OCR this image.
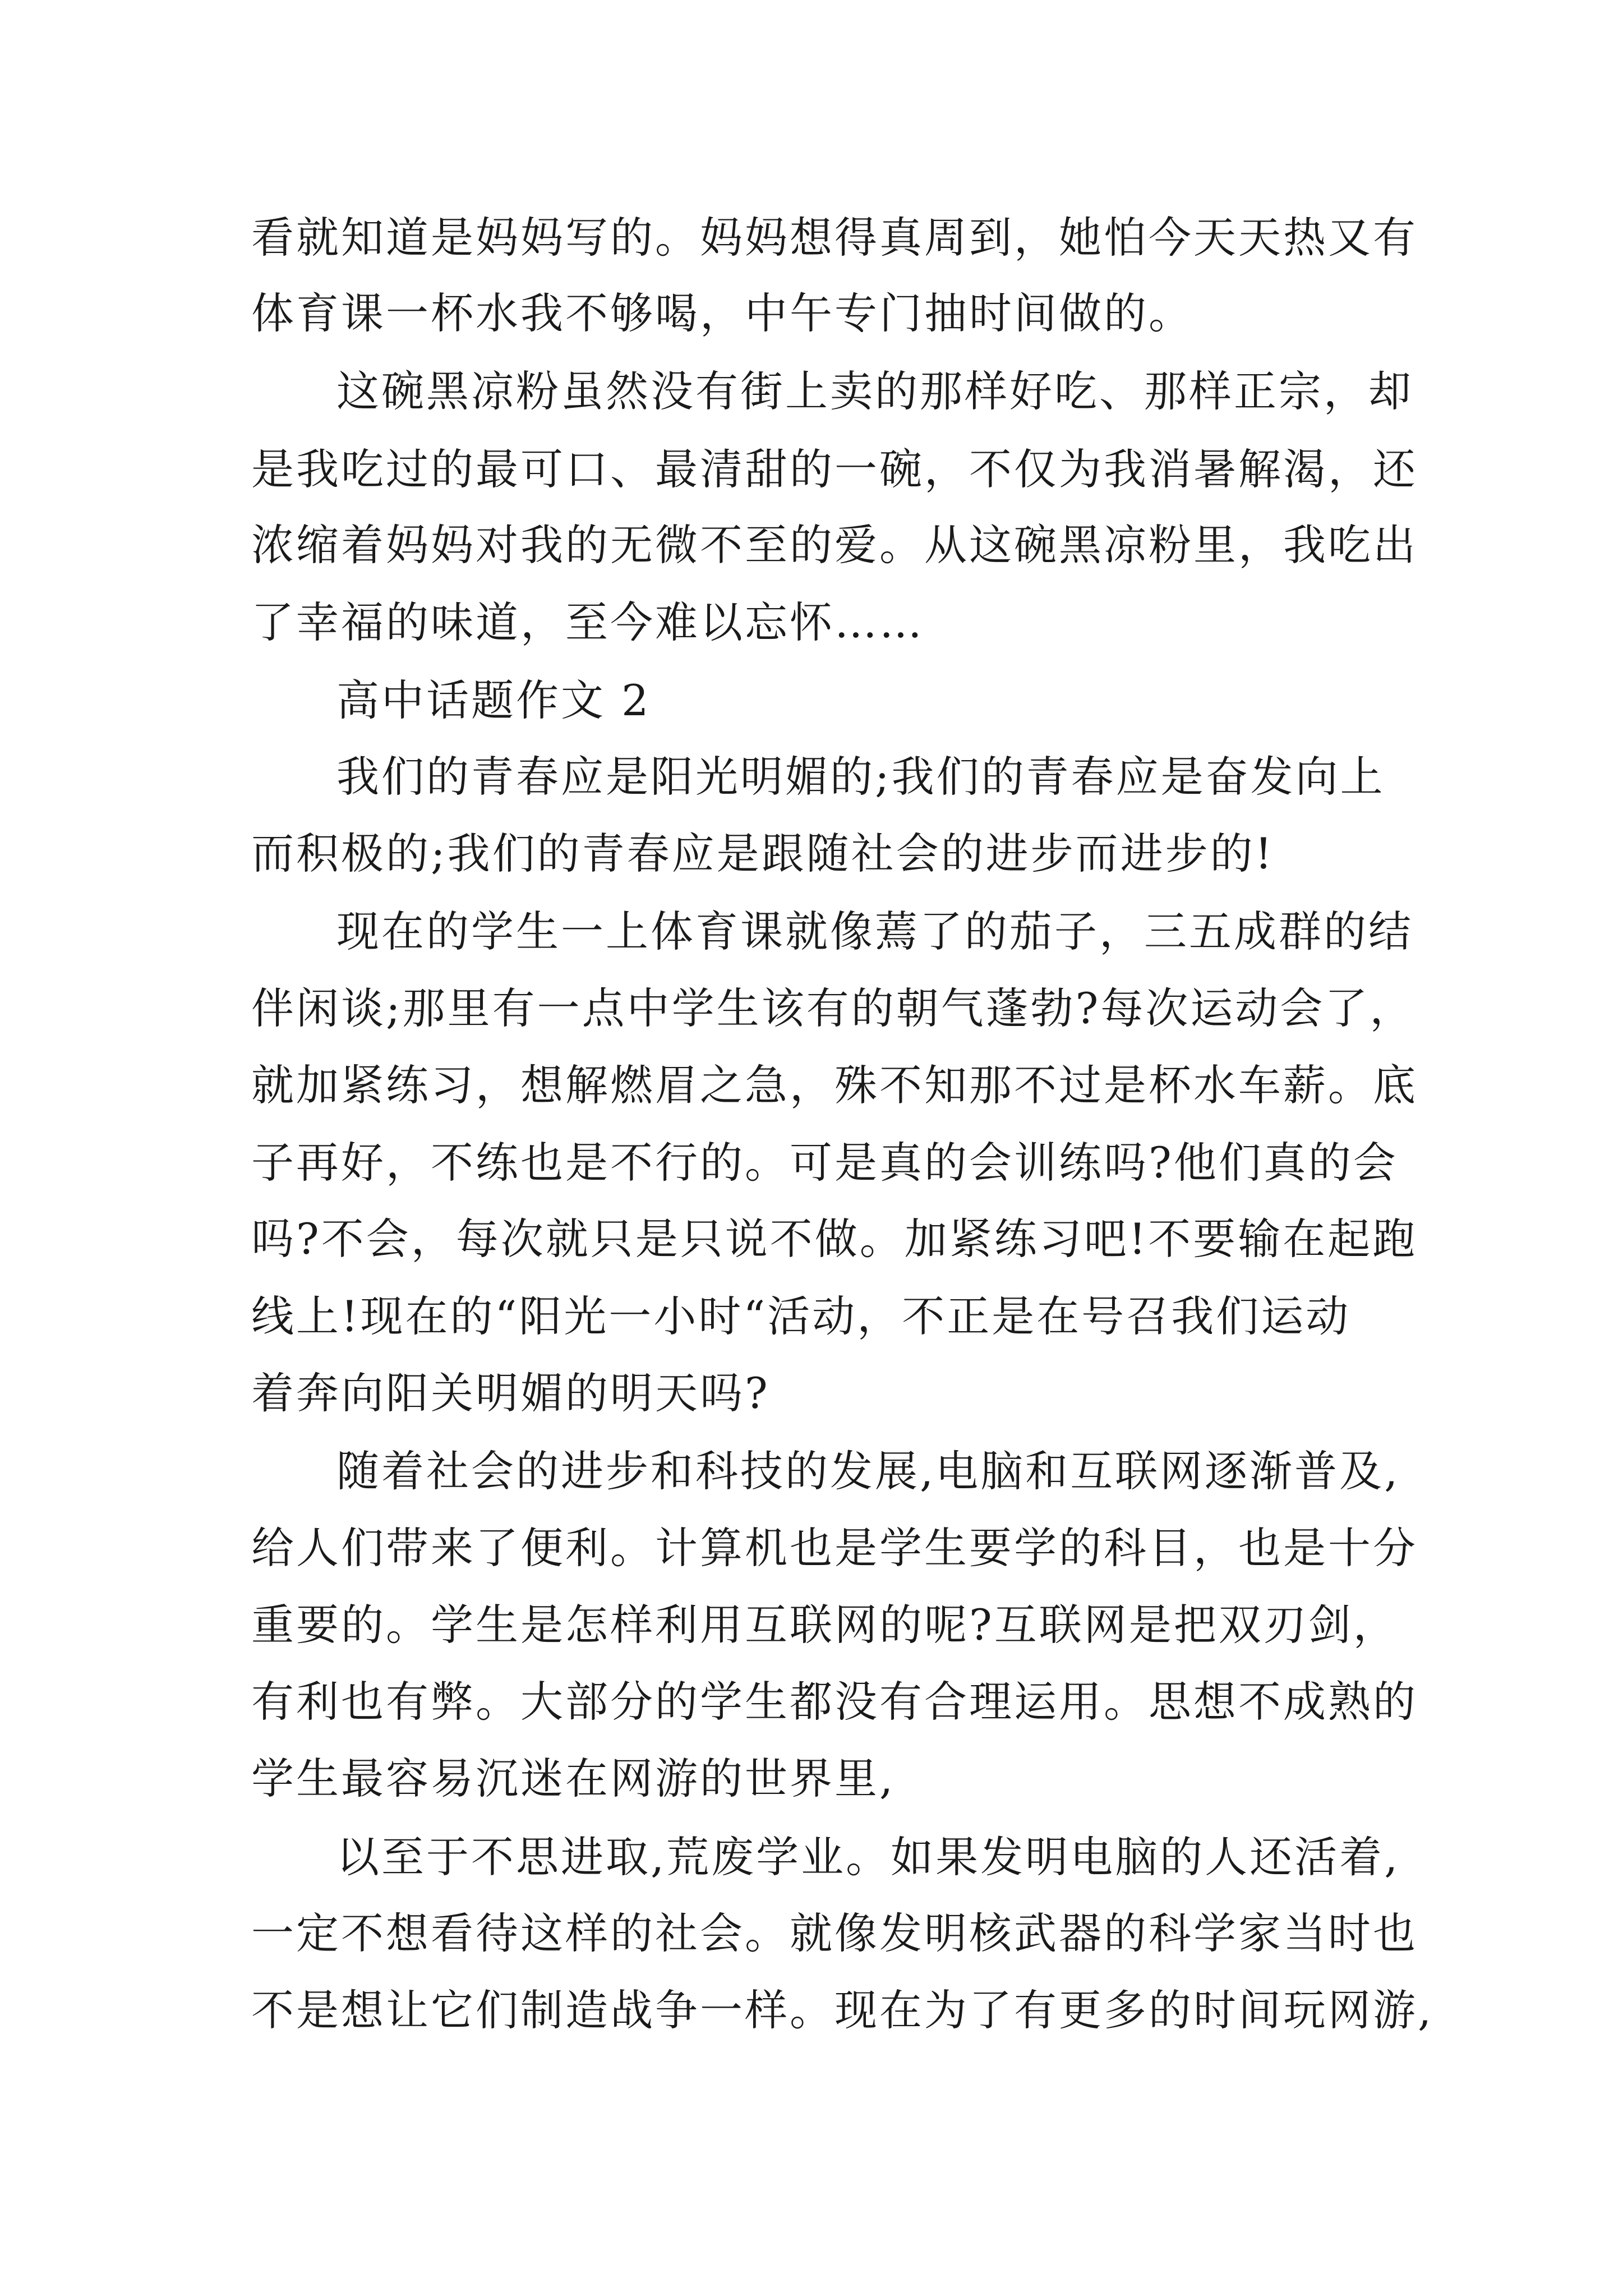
看就知道是妈妈写的。妈妈想得真周到，她怕今天天热又有
体育课一杯水我不够喝，中午专门抽时间做的。
这碗黑凉粉虽然没有街上卖的那样好吃、那样正宗，却
是我吃过的最可口、最清甜的一碗，不仅为我消暑解渴，还
浓缩着妈妈对我的无微不至的爱。从这碗黑凉粉里，我吃出
了幸福的味道，至今难以忘怀……
高中话题作文 2
我们的青春应是阳光明媚的;我们的青春应是奋发向上
而积极的;我们的青春应是跟随社会的进步而进步的!
现在的学生一上体育课就像蔫了的茄子，三五成群的结
伴闲谈;那里有一点中学生该有的朝气蓬勃?每次运动会了，
就加紧练习，想解燃眉之急，殊不知那不过是杯水车薪。底
子再好，不练也是不行的。可是真的会训练吗?他们真的会
吗?不会，每次就只是只说不做。加紧练习吧!不要输在起跑
线上!现在的“阳光一小时“活动，不正是在号召我们运动
着奔向阳关明媚的明天吗?
随着社会的进步和科技的发展,电脑和互联网逐渐普及,
给人们带来了便利。计算机也是学生要学的科目，也是十分
重要的。学生是怎样利用互联网的呢?互联网是把双刃剑，
有利也有弊。大部分的学生都没有合理运用。思想不成熟的
学生最容易沉迷在网游的世界里,
以至于不思进取,荒废学业。如果发明电脑的人还活着,
一定不想看待这样的社会。就像发明核武器的科学家当时也
不是想让它们制造战争一样。现在为了有更多的时间玩网游,
